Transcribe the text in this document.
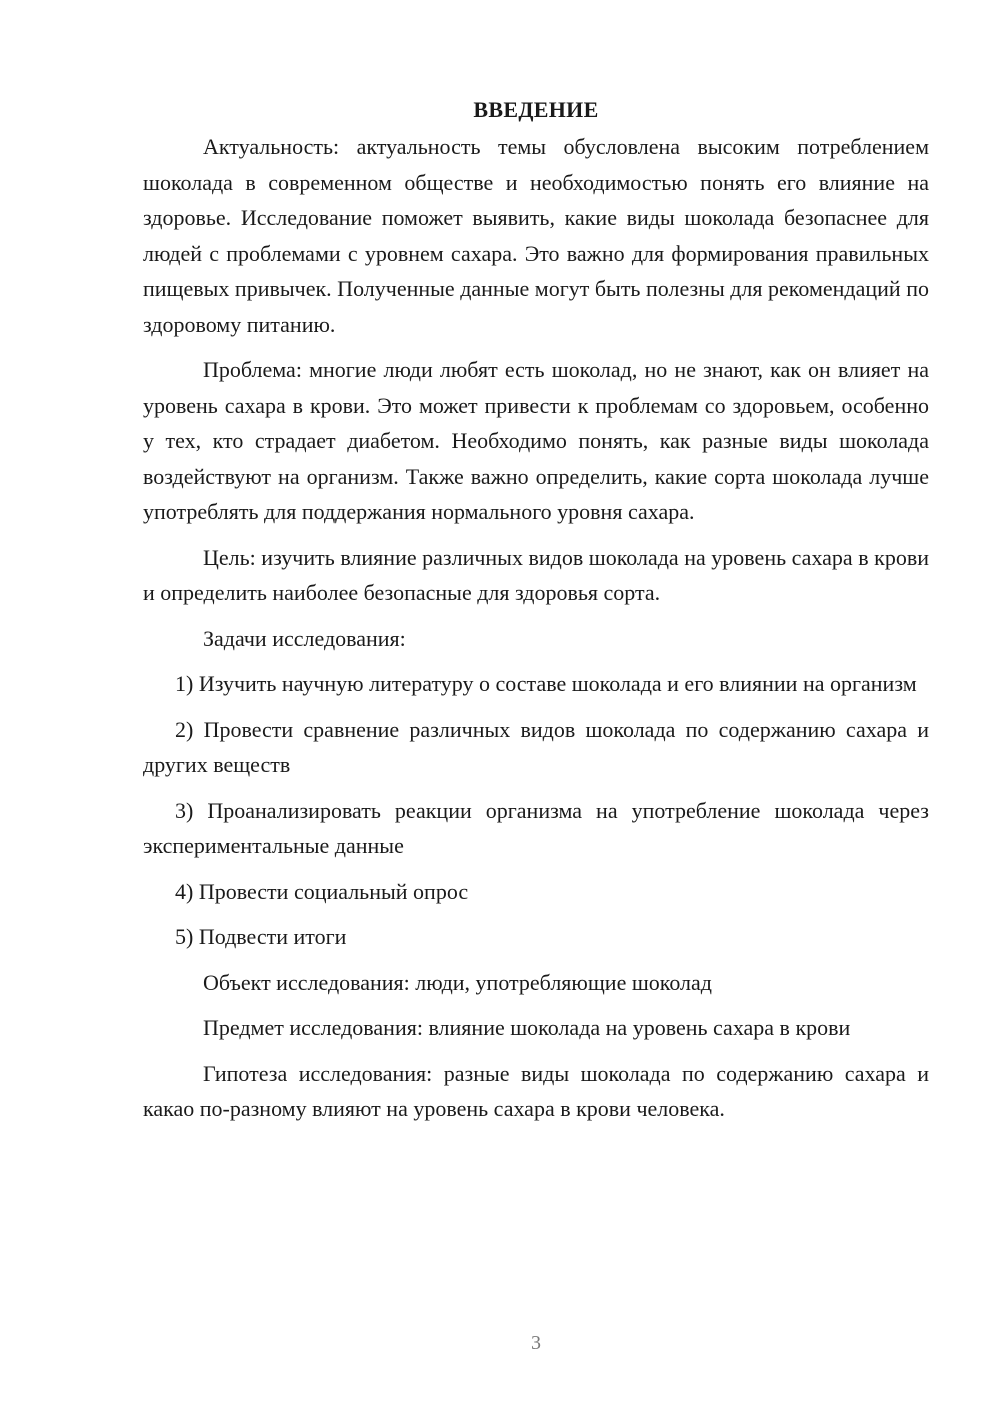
ВВЕДЕНИЕ

Актуальность: актуальность темы обусловлена высоким потреблением шоколада в современном обществе и необходимостью понять его влияние на здоровье. Исследование поможет выявить, какие виды шоколада безопаснее для людей с проблемами с уровнем сахара. Это важно для формирования правильных пищевых привычек. Полученные данные могут быть полезны для рекомендаций по здоровому питанию.

Проблема: многие люди любят есть шоколад, но не знают, как он влияет на уровень сахара в крови. Это может привести к проблемам со здоровьем, особенно у тех, кто страдает диабетом. Необходимо понять, как разные виды шоколада воздействуют на организм. Также важно определить, какие сорта шоколада лучше употреблять для поддержания нормального уровня сахара.

Цель: изучить влияние различных видов шоколада на уровень сахара в крови и определить наиболее безопасные для здоровья сорта.

Задачи исследования:

1) Изучить научную литературу о составе шоколада и его влиянии на организм

2) Провести сравнение различных видов шоколада по содержанию сахара и других веществ

3) Проанализировать реакции организма на употребление шоколада через экспериментальные данные

4) Провести социальный опрос

5) Подвести итоги

Объект исследования: люди, употребляющие шоколад

Предмет исследования: влияние шоколада на уровень сахара в крови

Гипотеза исследования: разные виды шоколада по содержанию сахара и какао по-разному влияют на уровень сахара в крови человека.

3
